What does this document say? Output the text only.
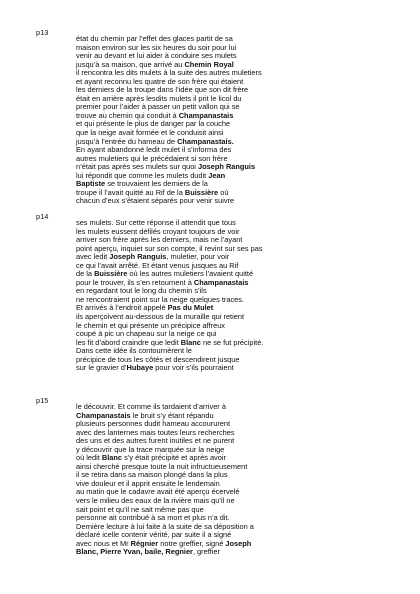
p13
état du chemin par l’effet des glaces partit de sa
maison environ sur les six heures du soir pour lui
venir au devant et lui aider à conduire ses mulets
jusqu’à sa maison, que arrivé au Chemin Royal
il rencontra les dits mulets à la suite des autres muletiers
et ayant reconnu les quatre de son frère qui étaient
les derniers de la troupe dans l’idée que son dit frère
était en arrière après lesdits mulets il prit le licol du
premier pour l’aider à passer un petit vallon qui se
trouve au chemin qui conduit à Champanastais
et qui présente le plus de danger par la couche
que la neige avait formée et le conduisit ainsi
jusqu’à l’entrée du hameau de Champanastais.
En ayant abandonné ledit mulet il s’informa des
autres muletiers qui le précédaient si son frère
n’était pas après ses mulets sur quoi Joseph Ranguis
lui répondit que comme les mulets dudit Jean
Baptiste se trouvaient les derniers de la
troupe il l’avait quitté au Rif de la Buissière où
chacun d’eux s’étaient séparés pour venir suivre
p14
ses mulets. Sur cette réponse il attendit que tous
les mulets eussent défilés croyant toujours de voir
arriver son frère après les derniers, mais ne l’ayant
point aperçu, inquiet sur son compte, il revint sur ses pas
avec ledit Joseph Ranguis, muletier, pour voir
ce qui l’avait arrêté. Et étant venus jusques au Rif
de la Buissière où les autres muletiers l’avaient quitté
pour le trouver, ils s’en retournent à Champanastais
en regardant tout le long du chemin s’ils
ne rencontraient point sur la neige quelques traces.
Et arrivés à l’endroit appelé Pas du Mulet
ils aperçoivent au-dessous de la muraille qui retient
le chemin et qui présente un précipice affreux
coupé à pic un chapeau sur la neige ce qui
les fit d’abord craindre que ledit Blanc ne se fut précipité.
Dans cette idée ils contournèrent le
précipice de tous les côtés et descendirent jusque
sur le gravier d’Hubaye pour voir s’ils pourraient
p15
le découvrir. Et comme ils tardaient d’arriver à
Champanastais le bruit s’y étant répandu
plusieurs personnes dudit hameau accoururent
avec des lanternes mais toutes leurs recherches
des uns et des autres furent inutiles et ne purent
y découvrir que la trace marquée sur la neige
où ledit Blanc s’y était précipité et après avoir
ainsi cherché presque toute la nuit infructueusement
il se retira dans sa maison plongé dans la plus
vive douleur et il apprit ensuite le lendemain
au matin que le cadavre avait été aperçu écervelé
vers le milieu des eaux de la rivière mais qu’il ne
sait point et qu’il ne sait même pas que
personne ait contribué à sa mort et plus n’a dit.
Dernière lecture à lui faite à la suite de sa déposition a
déclaré icelle contenir vérité, par suite il a signé
avec nous et Mr Régnier notre greffier, signé Joseph
Blanc, Pierre Yvan, baile, Regnier, greffier
